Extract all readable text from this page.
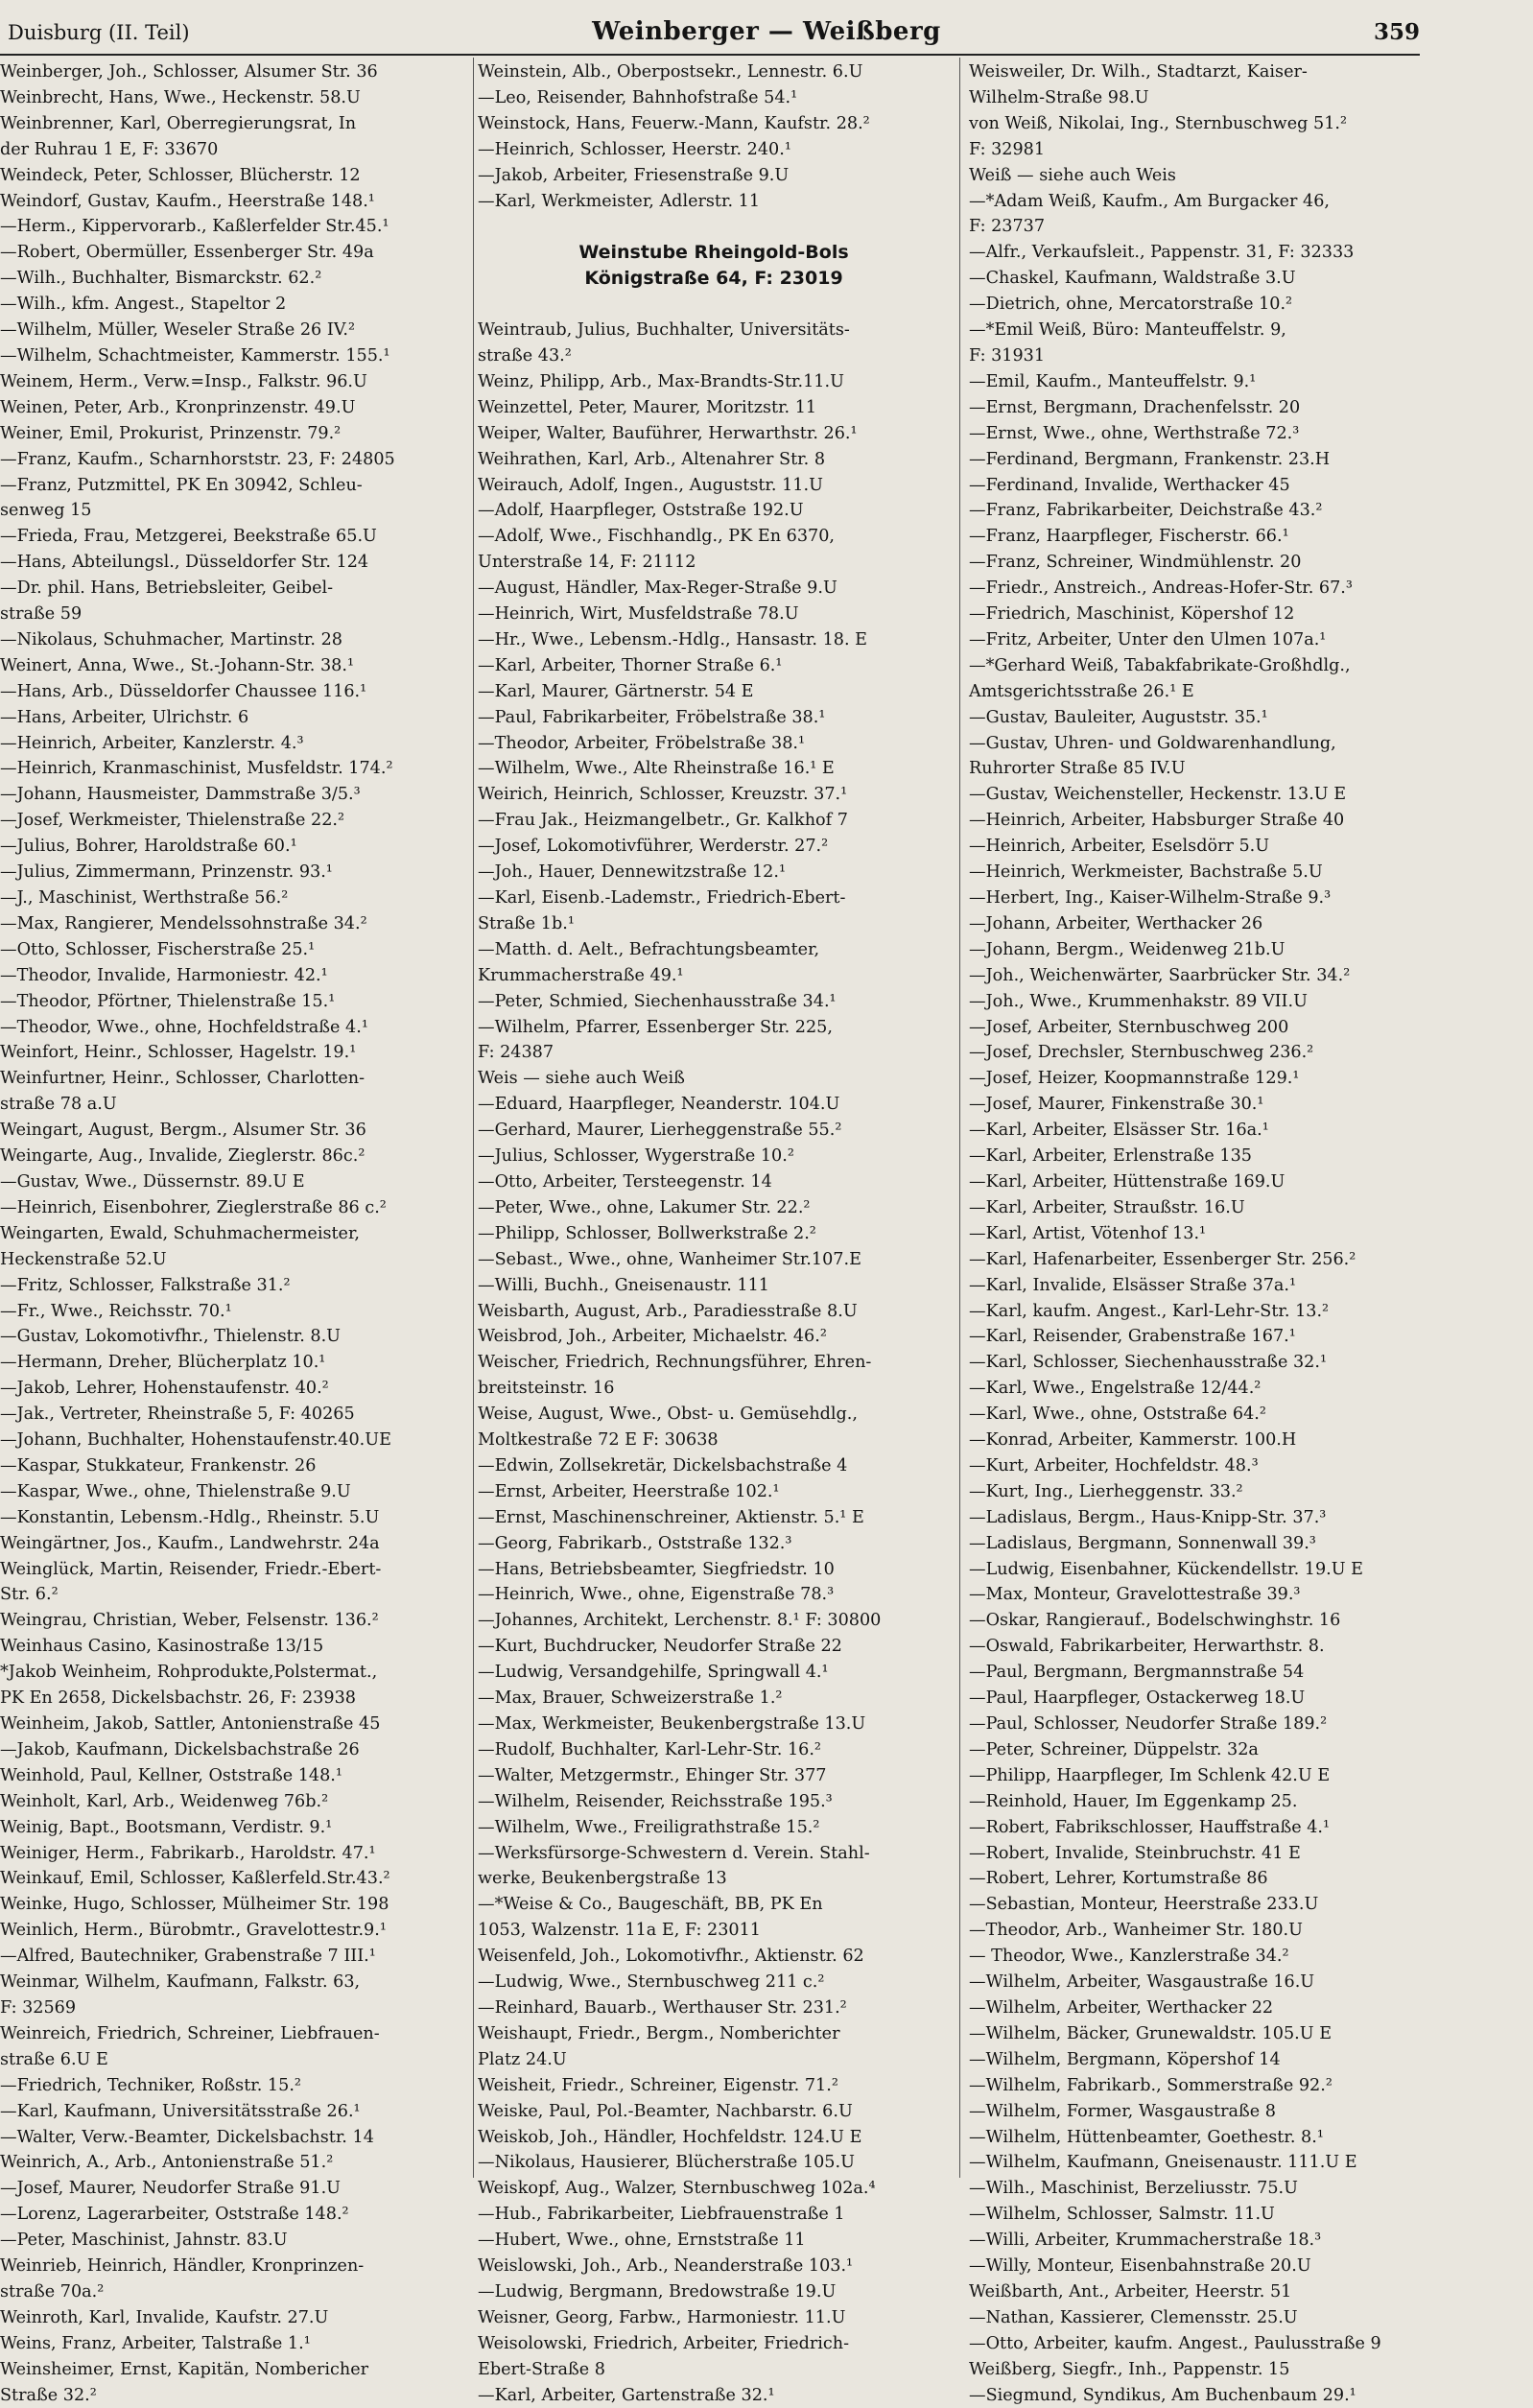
Duisburg (II. Teil)	Weinberger — Weißberg	359
Weinberger, Joh., Schlosser, Alsumer Str. 36
Weinbrecht, Hans, Wwe., Heckenstr. 58.U
Weinbrenner, Karl, Oberregierungsrat, In
der Ruhrau 1 E, F: 33670
Weindeck, Peter, Schlosser, Blücherstr. 12
Weindorf, Gustav, Kaufm., Heerstraße 148.¹
—Herm., Kippervorarb., Kaßlerfelder Str.45.¹
—Robert, Obermüller, Essenberger Str. 49a
—Wilh., Buchhalter, Bismarckstr. 62.²
—Wilh., kfm. Angest., Stapeltor 2
—Wilhelm, Müller, Weseler Straße 26 IV.²
—Wilhelm, Schachtmeister, Kammerstr. 155.¹
Weinem, Herm., Verw.=Insp., Falkstr. 96.U
Weinen, Peter, Arb., Kronprinzenstr. 49.U
Weiner, Emil, Prokurist, Prinzenstr. 79.²
—Franz, Kaufm., Scharnhorststr. 23, F: 24805
—Franz, Putzmittel, PK En 30942, Schleu-
senweg 15
—Frieda, Frau, Metzgerei, Beekstraße 65.U
—Hans, Abteilungsl., Düsseldorfer Str. 124
—Dr. phil. Hans, Betriebsleiter, Geibel-
straße 59
—Nikolaus, Schuhmacher, Martinstr. 28
Weinert, Anna, Wwe., St.-Johann-Str. 38.¹
—Hans, Arb., Düsseldorfer Chaussee 116.¹
—Hans, Arbeiter, Ulrichstr. 6
—Heinrich, Arbeiter, Kanzlerstr. 4.³
—Heinrich, Kranmaschinist, Musfeldstr. 174.²
—Johann, Hausmeister, Dammstraße 3/5.³
—Josef, Werkmeister, Thielenstraße 22.²
—Julius, Bohrer, Haroldstraße 60.¹
—Julius, Zimmermann, Prinzenstr. 93.¹
—J., Maschinist, Werthstraße 56.²
—Max, Rangierer, Mendelssohnstraße 34.²
—Otto, Schlosser, Fischerstraße 25.¹
—Theodor, Invalide, Harmoniestr. 42.¹
—Theodor, Pförtner, Thielenstraße 15.¹
—Theodor, Wwe., ohne, Hochfeldstraße 4.¹
Weinfort, Heinr., Schlosser, Hagelstr. 19.¹
Weinfurtner, Heinr., Schlosser, Charlotten-
straße 78 a.U
Weingart, August, Bergm., Alsumer Str. 36
Weingarte, Aug., Invalide, Zieglerstr. 86c.²
—Gustav, Wwe., Düssernstr. 89.U E
—Heinrich, Eisenbohrer, Zieglerstraße 86 c.²
Weingarten, Ewald, Schuhmachermeister,
Heckenstraße 52.U
—Fritz, Schlosser, Falkstraße 31.²
—Fr., Wwe., Reichsstr. 70.¹
—Gustav, Lokomotivfhr., Thielenstr. 8.U
—Hermann, Dreher, Blücherplatz 10.¹
—Jakob, Lehrer, Hohenstaufenstr. 40.²
—Jak., Vertreter, Rheinstraße 5, F: 40265
—Johann, Buchhalter, Hohenstaufenstr.40.UE
—Kaspar, Stukkateur, Frankenstr. 26
—Kaspar, Wwe., ohne, Thielenstraße 9.U
—Konstantin, Lebensm.-Hdlg., Rheinstr. 5.U
Weingärtner, Jos., Kaufm., Landwehrstr. 24a
Weinglück, Martin, Reisender, Friedr.-Ebert-
Str. 6.²
Weingrau, Christian, Weber, Felsenstr. 136.²
Weinhaus Casino, Kasinostraße 13/15
*Jakob Weinheim, Rohprodukte,Polstermat.,
PK En 2658, Dickelsbachstr. 26, F: 23938
Weinheim, Jakob, Sattler, Antonienstraße 45
—Jakob, Kaufmann, Dickelsbachstraße 26
Weinhold, Paul, Kellner, Oststraße 148.¹
Weinholt, Karl, Arb., Weidenweg 76b.²
Weinig, Bapt., Bootsmann, Verdistr. 9.¹
Weiniger, Herm., Fabrikarb., Haroldstr. 47.¹
Weinkauf, Emil, Schlosser, Kaßlerfeld.Str.43.²
Weinke, Hugo, Schlosser, Mülheimer Str. 198
Weinlich, Herm., Bürobmtr., Gravelottestr.9.¹
—Alfred, Bautechniker, Grabenstraße 7 III.¹
Weinmar, Wilhelm, Kaufmann, Falkstr. 63,
F: 32569
Weinreich, Friedrich, Schreiner, Liebfrauen-
straße 6.U E
—Friedrich, Techniker, Roßstr. 15.²
—Karl, Kaufmann, Universitätsstraße 26.¹
—Walter, Verw.-Beamter, Dickelsbachstr. 14
Weinrich, A., Arb., Antonienstraße 51.²
—Josef, Maurer, Neudorfer Straße 91.U
—Lorenz, Lagerarbeiter, Oststraße 148.²
—Peter, Maschinist, Jahnstr. 83.U
Weinrieb, Heinrich, Händler, Kronprinzen-
straße 70a.²
Weinroth, Karl, Invalide, Kaufstr. 27.U
Weins, Franz, Arbeiter, Talstraße 1.¹
Weinsheimer, Ernst, Kapitän, Nombericher
Straße 32.²
Weinstein, Alb., Oberpostsekr., Lennestr. 6.U
—Leo, Reisender, Bahnhofstraße 54.¹
Weinstock, Hans, Feuerw.-Mann, Kaufstr. 28.²
—Heinrich, Schlosser, Heerstr. 240.¹
—Jakob, Arbeiter, Friesenstraße 9.U
—Karl, Werkmeister, Adlerstr. 11

Weinstube Rheingold-Bols
Königstraße 64, F: 23019

Weintraub, Julius, Buchhalter, Universitäts-
straße 43.²
Weinz, Philipp, Arb., Max-Brandts-Str.11.U
Weinzettel, Peter, Maurer, Moritzstr. 11
Weiper, Walter, Bauführer, Herwarthstr. 26.¹
Weihrathen, Karl, Arb., Altenahrer Str. 8
Weirauch, Adolf, Ingen., Auguststr. 11.U
—Adolf, Haarpfleger, Oststraße 192.U
—Adolf, Wwe., Fischhandlg., PK En 6370,
Unterstraße 14, F: 21112
—August, Händler, Max-Reger-Straße 9.U
—Heinrich, Wirt, Musfeldstraße 78.U
—Hr., Wwe., Lebensm.-Hdlg., Hansastr. 18. E
—Karl, Arbeiter, Thorner Straße 6.¹
—Karl, Maurer, Gärtnerstr. 54 E
—Paul, Fabrikarbeiter, Fröbelstraße 38.¹
—Theodor, Arbeiter, Fröbelstraße 38.¹
—Wilhelm, Wwe., Alte Rheinstraße 16.¹ E
Weirich, Heinrich, Schlosser, Kreuzstr. 37.¹
—Frau Jak., Heizmangelbetr., Gr. Kalkhof 7
—Josef, Lokomotivführer, Werderstr. 27.²
—Joh., Hauer, Dennewitzstraße 12.¹
—Karl, Eisenb.-Lademstr., Friedrich-Ebert-
Straße 1b.¹
—Matth. d. Aelt., Befrachtungsbeamter,
Krummacherstraße 49.¹
—Peter, Schmied, Siechenhausstraße 34.¹
—Wilhelm, Pfarrer, Essenberger Str. 225,
F: 24387
Weis — siehe auch Weiß
—Eduard, Haarpfleger, Neanderstr. 104.U
—Gerhard, Maurer, Lierheggenstraße 55.²
—Julius, Schlosser, Wygerstraße 10.²
—Otto, Arbeiter, Tersteegenstr. 14
—Peter, Wwe., ohne, Lakumer Str. 22.²
—Philipp, Schlosser, Bollwerkstraße 2.²
—Sebast., Wwe., ohne, Wanheimer Str.107.E
—Willi, Buchh., Gneisenaustr. 111
Weisbarth, August, Arb., Paradiesstraße 8.U
Weisbrod, Joh., Arbeiter, Michaelstr. 46.²
Weischer, Friedrich, Rechnungsführer, Ehren-
breitsteinstr. 16
Weise, August, Wwe., Obst- u. Gemüsehdlg.,
Moltkestraße 72 E F: 30638
—Edwin, Zollsekretär, Dickelsbachstraße 4
—Ernst, Arbeiter, Heerstraße 102.¹
—Ernst, Maschinenschreiner, Aktienstr. 5.¹ E
—Georg, Fabrikarb., Oststraße 132.³
—Hans, Betriebsbeamter, Siegfriedstr. 10
—Heinrich, Wwe., ohne, Eigenstraße 78.³
—Johannes, Architekt, Lerchenstr. 8.¹ F: 30800
—Kurt, Buchdrucker, Neudorfer Straße 22
—Ludwig, Versandgehilfe, Springwall 4.¹
—Max, Brauer, Schweizerstraße 1.²
—Max, Werkmeister, Beukenbergstraße 13.U
—Rudolf, Buchhalter, Karl-Lehr-Str. 16.²
—Walter, Metzgermstr., Ehinger Str. 377
—Wilhelm, Reisender, Reichsstraße 195.³
—Wilhelm, Wwe., Freiligrathstraße 15.²
—Werksfürsorge-Schwestern d. Verein. Stahl-
werke, Beukenbergstraße 13
—*Weise & Co., Baugeschäft, BB, PK En
1053, Walzenstr. 11a E, F: 23011
Weisenfeld, Joh., Lokomotivfhr., Aktienstr. 62
—Ludwig, Wwe., Sternbuschweg 211 c.²
—Reinhard, Bauarb., Werthauser Str. 231.²
Weishaupt, Friedr., Bergm., Nomberichter
Platz 24.U
Weisheit, Friedr., Schreiner, Eigenstr. 71.²
Weiske, Paul, Pol.-Beamter, Nachbarstr. 6.U
Weiskob, Joh., Händler, Hochfeldstr. 124.U E
—Nikolaus, Hausierer, Blücherstraße 105.U
Weiskopf, Aug., Walzer, Sternbuschweg 102a.⁴
—Hub., Fabrikarbeiter, Liebfrauenstraße 1
—Hubert, Wwe., ohne, Ernststraße 11
Weislowski, Joh., Arb., Neanderstraße 103.¹
—Ludwig, Bergmann, Bredowstraße 19.U
Weisner, Georg, Farbw., Harmoniestr. 11.U
Weisolowski, Friedrich, Arbeiter, Friedrich-
Ebert-Straße 8
—Karl, Arbeiter, Gartenstraße 32.¹
Weisweiler, Dr. Wilh., Stadtarzt, Kaiser-
Wilhelm-Straße 98.U
von Weiß, Nikolai, Ing., Sternbuschweg 51.²
F: 32981
Weiß — siehe auch Weis
—*Adam Weiß, Kaufm., Am Burgacker 46,
F: 23737
—Alfr., Verkaufsleit., Pappenstr. 31, F: 32333
—Chaskel, Kaufmann, Waldstraße 3.U
—Dietrich, ohne, Mercatorstraße 10.²
—*Emil Weiß, Büro: Manteuffelstr. 9,
F: 31931
—Emil, Kaufm., Manteuffelstr. 9.¹
—Ernst, Bergmann, Drachenfelsstr. 20
—Ernst, Wwe., ohne, Werthstraße 72.³
—Ferdinand, Bergmann, Frankenstr. 23.H
—Ferdinand, Invalide, Werthacker 45
—Franz, Fabrikarbeiter, Deichstraße 43.²
—Franz, Haarpfleger, Fischerstr. 66.¹
—Franz, Schreiner, Windmühlenstr. 20
—Friedr., Anstreich., Andreas-Hofer-Str. 67.³
—Friedrich, Maschinist, Köpershof 12
—Fritz, Arbeiter, Unter den Ulmen 107a.¹
—*Gerhard Weiß, Tabakfabrikate-Großhdlg.,
Amtsgerichtsstraße 26.¹ E
—Gustav, Bauleiter, Auguststr. 35.¹
—Gustav, Uhren- und Goldwarenhandlung,
Ruhrorter Straße 85 IV.U
—Gustav, Weichensteller, Heckenstr. 13.U E
—Heinrich, Arbeiter, Habsburger Straße 40
—Heinrich, Arbeiter, Eselsdörr 5.U
—Heinrich, Werkmeister, Bachstraße 5.U
—Herbert, Ing., Kaiser-Wilhelm-Straße 9.³
—Johann, Arbeiter, Werthacker 26
—Johann, Bergm., Weidenweg 21b.U
—Joh., Weichenwärter, Saarbrücker Str. 34.²
—Joh., Wwe., Krummenhakstr. 89 VII.U
—Josef, Arbeiter, Sternbuschweg 200
—Josef, Drechsler, Sternbuschweg 236.²
—Josef, Heizer, Koopmannstraße 129.¹
—Josef, Maurer, Finkenstraße 30.¹
—Karl, Arbeiter, Elsässer Str. 16a.¹
—Karl, Arbeiter, Erlenstraße 135
—Karl, Arbeiter, Hüttenstraße 169.U
—Karl, Arbeiter, Straußstr. 16.U
—Karl, Artist, Vötenhof 13.¹
—Karl, Hafenarbeiter, Essenberger Str. 256.²
—Karl, Invalide, Elsässer Straße 37a.¹
—Karl, kaufm. Angest., Karl-Lehr-Str. 13.²
—Karl, Reisender, Grabenstraße 167.¹
—Karl, Schlosser, Siechenhausstraße 32.¹
—Karl, Wwe., Engelstraße 12/44.²
—Karl, Wwe., ohne, Oststraße 64.²
—Konrad, Arbeiter, Kammerstr. 100.H
—Kurt, Arbeiter, Hochfeldstr. 48.³
—Kurt, Ing., Lierheggenstr. 33.²
—Ladislaus, Bergm., Haus-Knipp-Str. 37.³
—Ladislaus, Bergmann, Sonnenwall 39.³
—Ludwig, Eisenbahner, Kückendellstr. 19.U E
—Max, Monteur, Gravelottestraße 39.³
—Oskar, Rangierauf., Bodelschwinghstr. 16
—Oswald, Fabrikarbeiter, Herwarthstr. 8.
—Paul, Bergmann, Bergmannstraße 54
—Paul, Haarpfleger, Ostackerweg 18.U
—Paul, Schlosser, Neudorfer Straße 189.²
—Peter, Schreiner, Düppelstr. 32a
—Philipp, Haarpfleger, Im Schlenk 42.U E
—Reinhold, Hauer, Im Eggenkamp 25.
—Robert, Fabrikschlosser, Hauffstraße 4.¹
—Robert, Invalide, Steinbruchstr. 41 E
—Robert, Lehrer, Kortumstraße 86
—Sebastian, Monteur, Heerstraße 233.U
—Theodor, Arb., Wanheimer Str. 180.U
— Theodor, Wwe., Kanzlerstraße 34.²
—Wilhelm, Arbeiter, Wasgaustraße 16.U
—Wilhelm, Arbeiter, Werthacker 22
—Wilhelm, Bäcker, Grunewaldstr. 105.U E
—Wilhelm, Bergmann, Köpershof 14
—Wilhelm, Fabrikarb., Sommerstraße 92.²
—Wilhelm, Former, Wasgaustraße 8
—Wilhelm, Hüttenbeamter, Goethestr. 8.¹
—Wilhelm, Kaufmann, Gneisenaustr. 111.U E
—Wilh., Maschinist, Berzeliusstr. 75.U
—Wilhelm, Schlosser, Salmstr. 11.U
—Willi, Arbeiter, Krummacherstraße 18.³
—Willy, Monteur, Eisenbahnstraße 20.U
Weißbarth, Ant., Arbeiter, Heerstr. 51
—Nathan, Kassierer, Clemensstr. 25.U
—Otto, Arbeiter, kaufm. Angest., Paulusstraße 9
Weißberg, Siegfr., Inh., Pappenstr. 15
—Siegmund, Syndikus, Am Buchenbaum 29.¹
